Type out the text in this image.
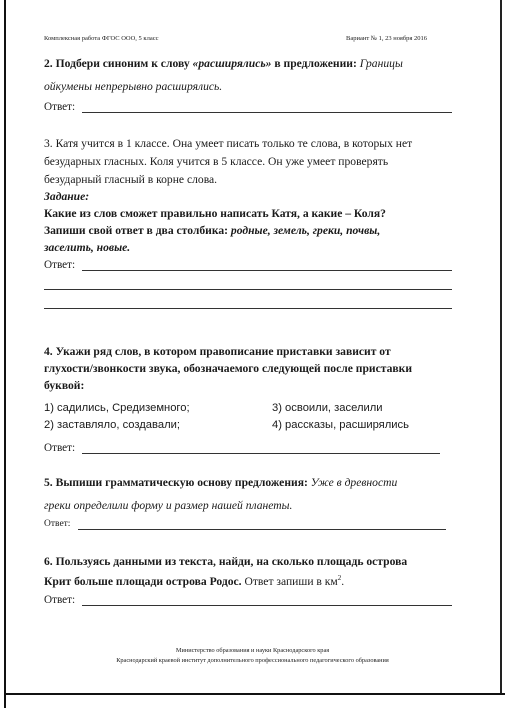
Комплексная работа ФГОС ООО, 5 класс	Вариант № 1, 23 ноября 2016
2. Подбери синоним к слову «расширялись» в предложении: Границы
ойкумены непрерывно расширялись.
Ответ:
3. Катя учится в 1 классе. Она умеет писать только те слова, в которых нет
безударных гласных. Коля учится в 5 классе. Он уже умеет проверять
безударный гласный в корне слова.
Задание:
Какие из слов сможет правильно написать Катя, а какие – Коля?
Запиши свой ответ в два столбика: родные, земель, греки, почвы,
заселить, новые.
Ответ:
4. Укажи ряд слов, в котором правописание приставки зависит от
глухости/звонкости звука, обозначаемого следующей после приставки
буквой:
1) садились, Средиземного;
2) заставляло, создавали;
3) освоили, заселили
4) рассказы, расширялись
Ответ:
5. Выпиши грамматическую основу предложения: Уже в древности
греки определили форму и размер нашей планеты.
Ответ:
6. Пользуясь данными из текста, найди, на сколько площадь острова
Крит больше площади острова Родос. Ответ запиши в $км^2$.
Ответ:
Министерство образования и науки Краснодарского края
Краснодарский краевой институт дополнительного профессионального педагогического образования
